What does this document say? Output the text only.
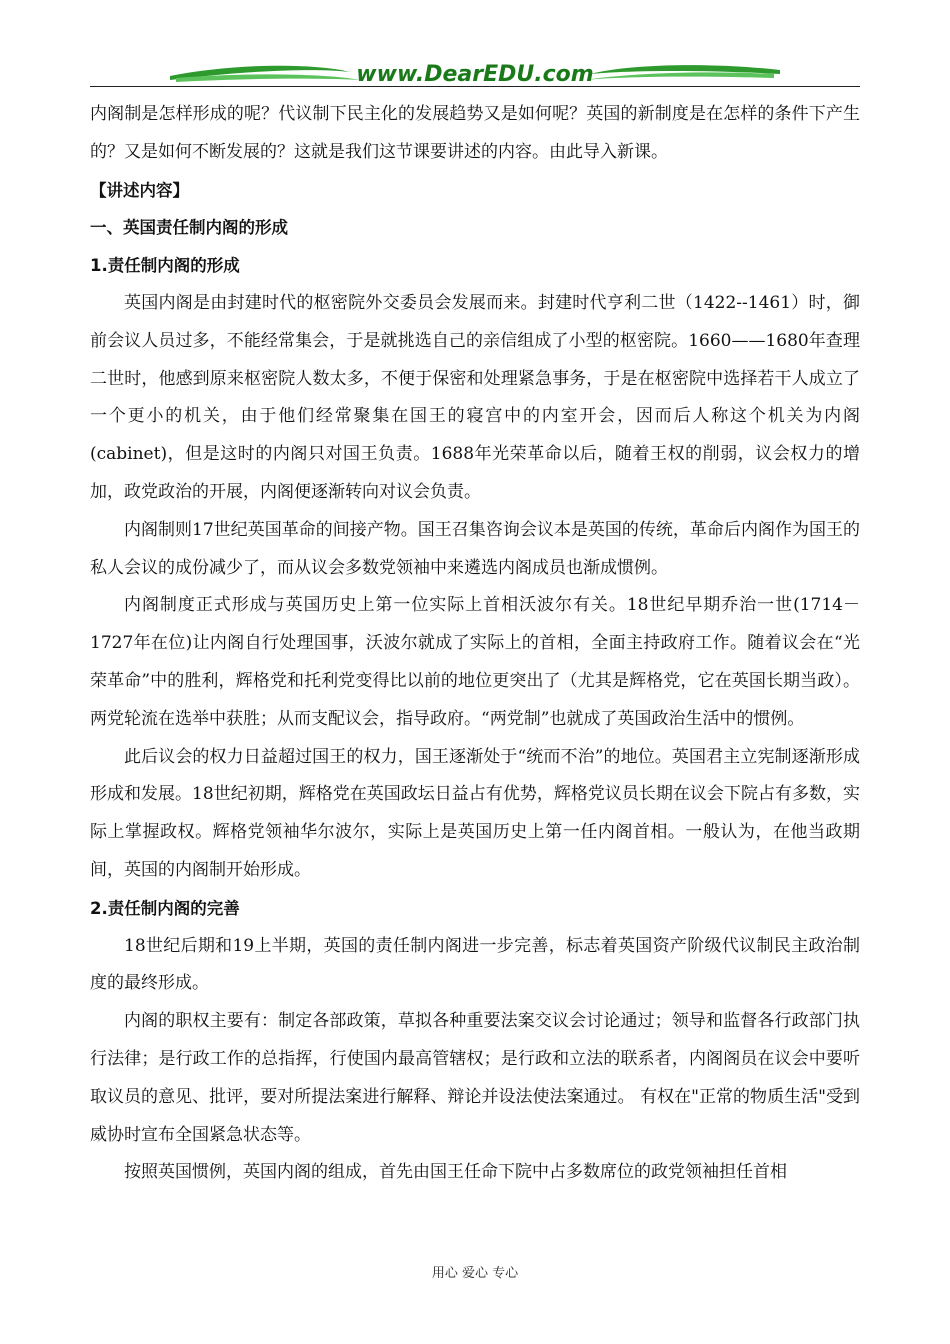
www.DearEDU.com

内阁制是怎样形成的呢？代议制下民主化的发展趋势又是如何呢？英国的新制度是在怎样的条件下产生的？又是如何不断发展的？这就是我们这节课要讲述的内容。由此导入新课。

【讲述内容】

一、英国责任制内阁的形成

1.责任制内阁的形成

英国内阁是由封建时代的枢密院外交委员会发展而来。封建时代亨利二世（1422--1461）时，御前会议人员过多，不能经常集会，于是就挑选自己的亲信组成了小型的枢密院。1660——1680年查理二世时，他感到原来枢密院人数太多，不便于保密和处理紧急事务，于是在枢密院中选择若干人成立了一个更小的机关，由于他们经常聚集在国王的寝宫中的内室开会，因而后人称这个机关为内阁(cabinet)，但是这时的内阁只对国王负责。1688年光荣革命以后，随着王权的削弱，议会权力的增加，政党政治的开展，内阁便逐渐转向对议会负责。

内阁制则17世纪英国革命的间接产物。国王召集咨询会议本是英国的传统，革命后内阁作为国王的私人会议的成份减少了，而从议会多数党领袖中来遴选内阁成员也渐成惯例。

内阁制度正式形成与英国历史上第一位实际上首相沃波尔有关。18世纪早期乔治一世(1714－1727年在位)让内阁自行处理国事，沃波尔就成了实际上的首相，全面主持政府工作。随着议会在“光荣革命”中的胜利，辉格党和托利党变得比以前的地位更突出了（尤其是辉格党，它在英国长期当政）。两党轮流在选举中获胜；从而支配议会，指导政府。“两党制”也就成了英国政治生活中的惯例。

此后议会的权力日益超过国王的权力，国王逐渐处于“统而不治”的地位。英国君主立宪制逐渐形成形成和发展。18世纪初期，辉格党在英国政坛日益占有优势，辉格党议员长期在议会下院占有多数，实际上掌握政权。辉格党领袖华尔波尔，实际上是英国历史上第一任内阁首相。一般认为，在他当政期间，英国的内阁制开始形成。

2.责任制内阁的完善

18世纪后期和19上半期，英国的责任制内阁进一步完善，标志着英国资产阶级代议制民主政治制度的最终形成。

内阁的职权主要有：制定各部政策，草拟各种重要法案交议会讨论通过；领导和监督各行政部门执行法律；是行政工作的总指挥，行使国内最高管辖权；是行政和立法的联系者，内阁阁员在议会中要听取议员的意见、批评，要对所提法案进行解释、辩论并设法使法案通过。 有权在"正常的物质生活"受到威协时宣布全国紧急状态等。

按照英国惯例，英国内阁的组成，首先由国王任命下院中占多数席位的政党领袖担任首相

用心 爱心 专心
